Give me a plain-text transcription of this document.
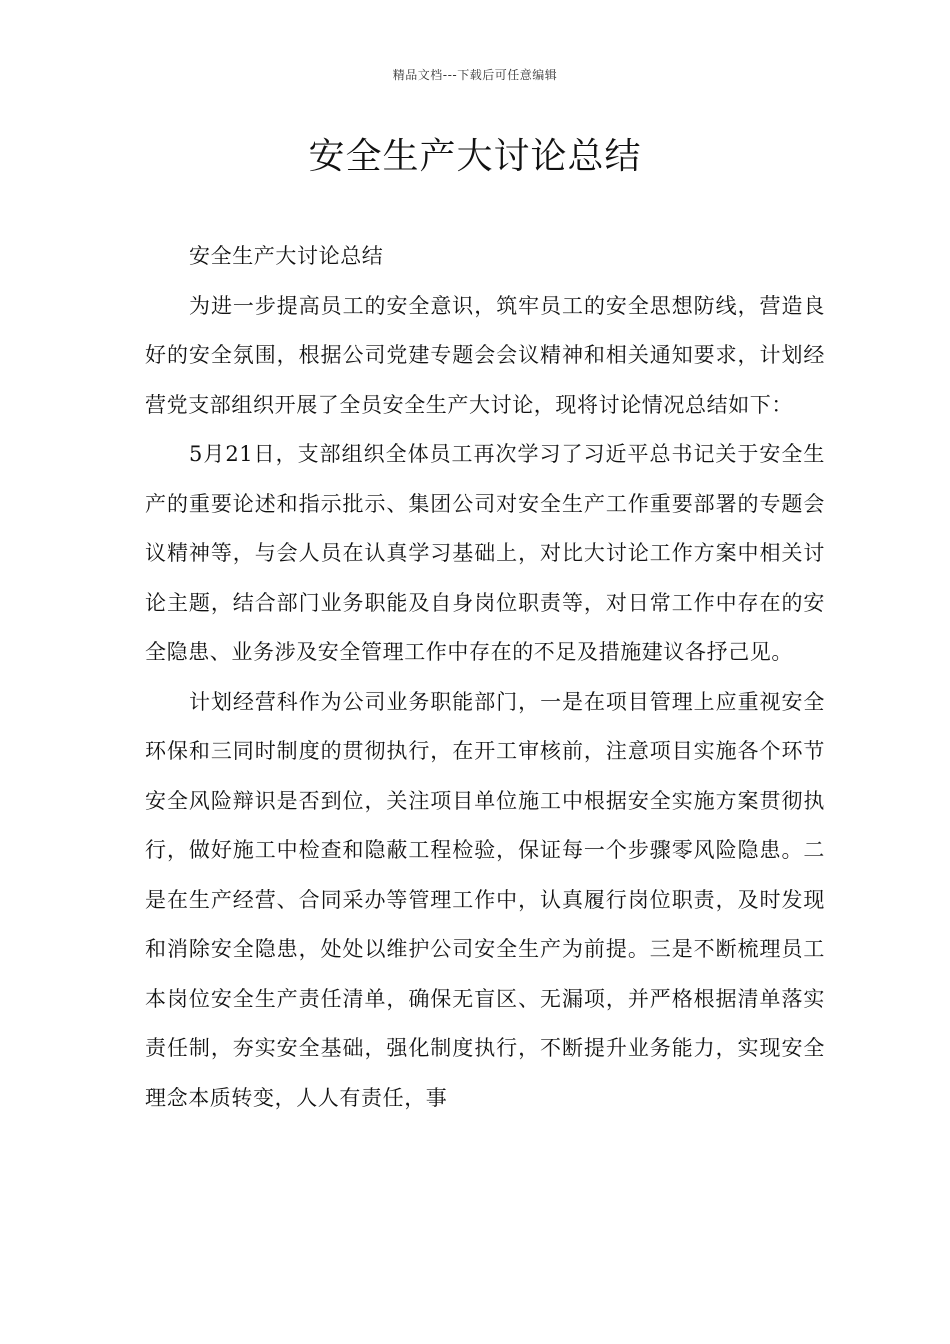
精品文档---下载后可任意编辑
安全生产大讨论总结

安全生产大讨论总结

为进一步提高员工的安全意识，筑牢员工的安全思想防线，营造良好的安全氛围，根据公司党建专题会会议精神和相关通知要求，计划经营党支部组织开展了全员安全生产大讨论，现将讨论情况总结如下：

5月21日，支部组织全体员工再次学习了习近平总书记关于安全生产的重要论述和指示批示、集团公司对安全生产工作重要部署的专题会议精神等，与会人员在认真学习基础上，对比大讨论工作方案中相关讨论主题，结合部门业务职能及自身岗位职责等，对日常工作中存在的安全隐患、业务涉及安全管理工作中存在的不足及措施建议各抒己见。

计划经营科作为公司业务职能部门，一是在项目管理上应重视安全环保和三同时制度的贯彻执行，在开工审核前，注意项目实施各个环节安全风险辩识是否到位，关注项目单位施工中根据安全实施方案贯彻执行，做好施工中检查和隐蔽工程检验，保证每一个步骤零风险隐患。二是在生产经营、合同采办等管理工作中，认真履行岗位职责，及时发现和消除安全隐患，处处以维护公司安全生产为前提。三是不断梳理员工本岗位安全生产责任清单，确保无盲区、无漏项，并严格根据清单落实责任制，夯实安全基础，强化制度执行，不断提升业务能力，实现安全理念本质转变，人人有责任，事
